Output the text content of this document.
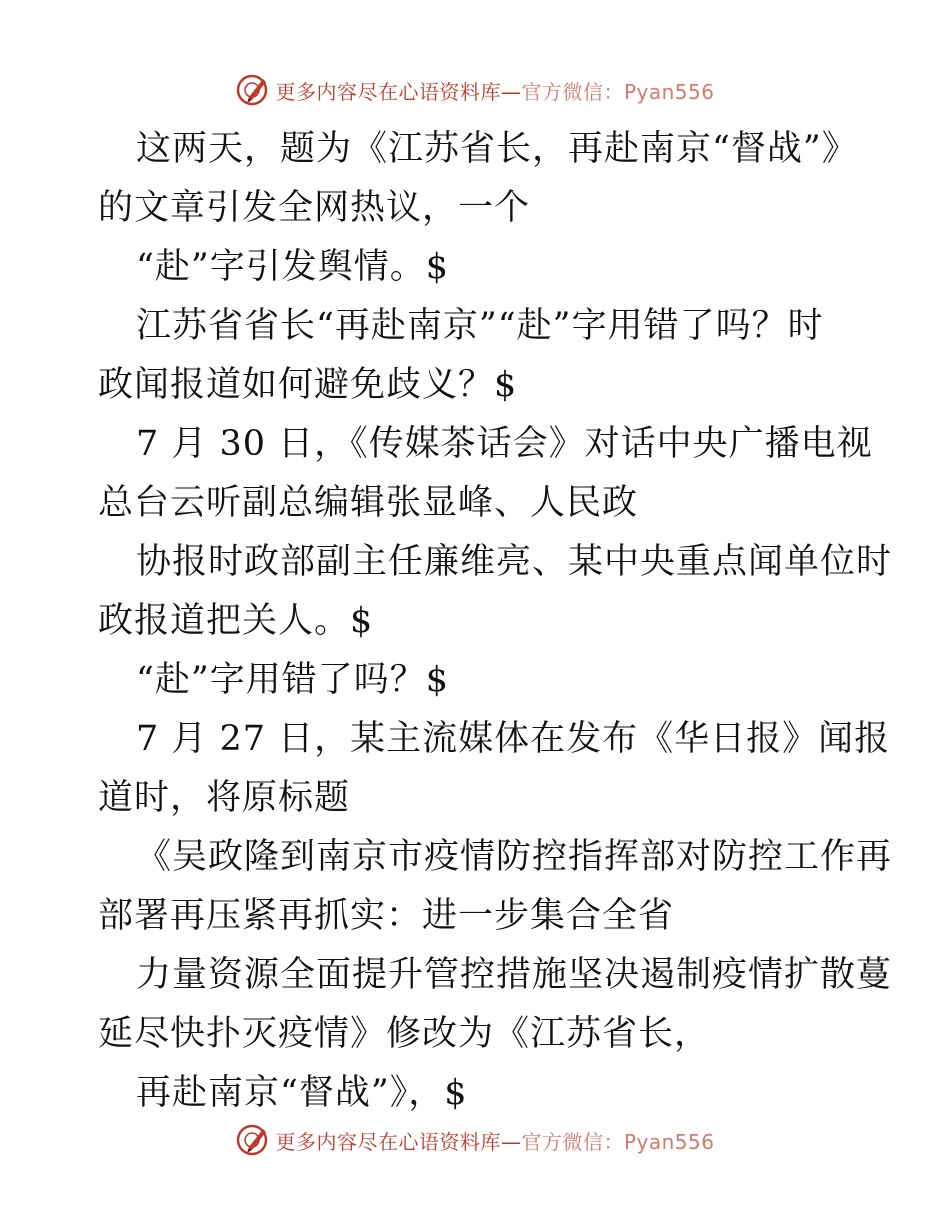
更多内容尽在心语资料库—官方微信：Pyan556
这两天，题为《江苏省长，再赴南京“督战”》
的文章引发全网热议，一个
“赴”字引发舆情。$
江苏省省长“再赴南京”“赴”字用错了吗？时
政闻报道如何避免歧义？$
7 月 30 日，《传媒茶话会》对话中央广播电视
总台云听副总编辑张显峰、人民政
协报时政部副主任廉维亮、某中央重点闻单位时
政报道把关人。$
“赴”字用错了吗？$
7 月 27 日，某主流媒体在发布《华日报》闻报
道时，将原标题
《吴政隆到南京市疫情防控指挥部对防控工作再
部署再压紧再抓实：进一步集合全省
力量资源全面提升管控措施坚决遏制疫情扩散蔓
延尽快扑灭疫情》修改为《江苏省长，
再赴南京“督战”》，$
更多内容尽在心语资料库—官方微信：Pyan556
